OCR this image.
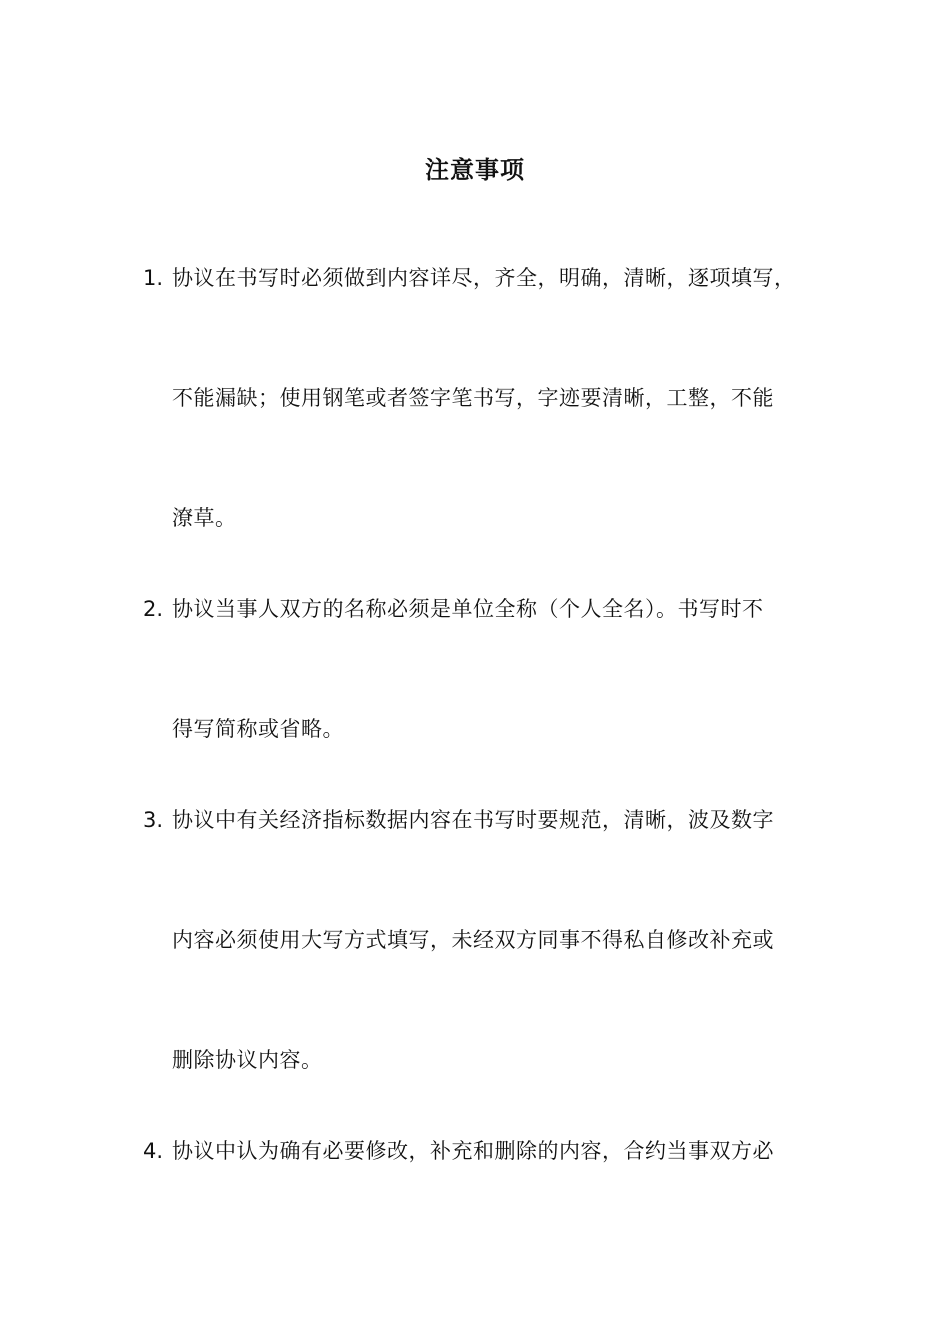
注意事项
1. 协议在书写时必须做到内容详尽，齐全，明确，清晰，逐项填写，
不能漏缺；使用钢笔或者签字笔书写，字迹要清晰，工整，不能
潦草。
2. 协议当事人双方的名称必须是单位全称（个人全名）。书写时不
得写简称或省略。
3. 协议中有关经济指标数据内容在书写时要规范，清晰，波及数字
内容必须使用大写方式填写，未经双方同事不得私自修改补充或
删除协议内容。
4. 协议中认为确有必要修改，补充和删除的内容，合约当事双方必
